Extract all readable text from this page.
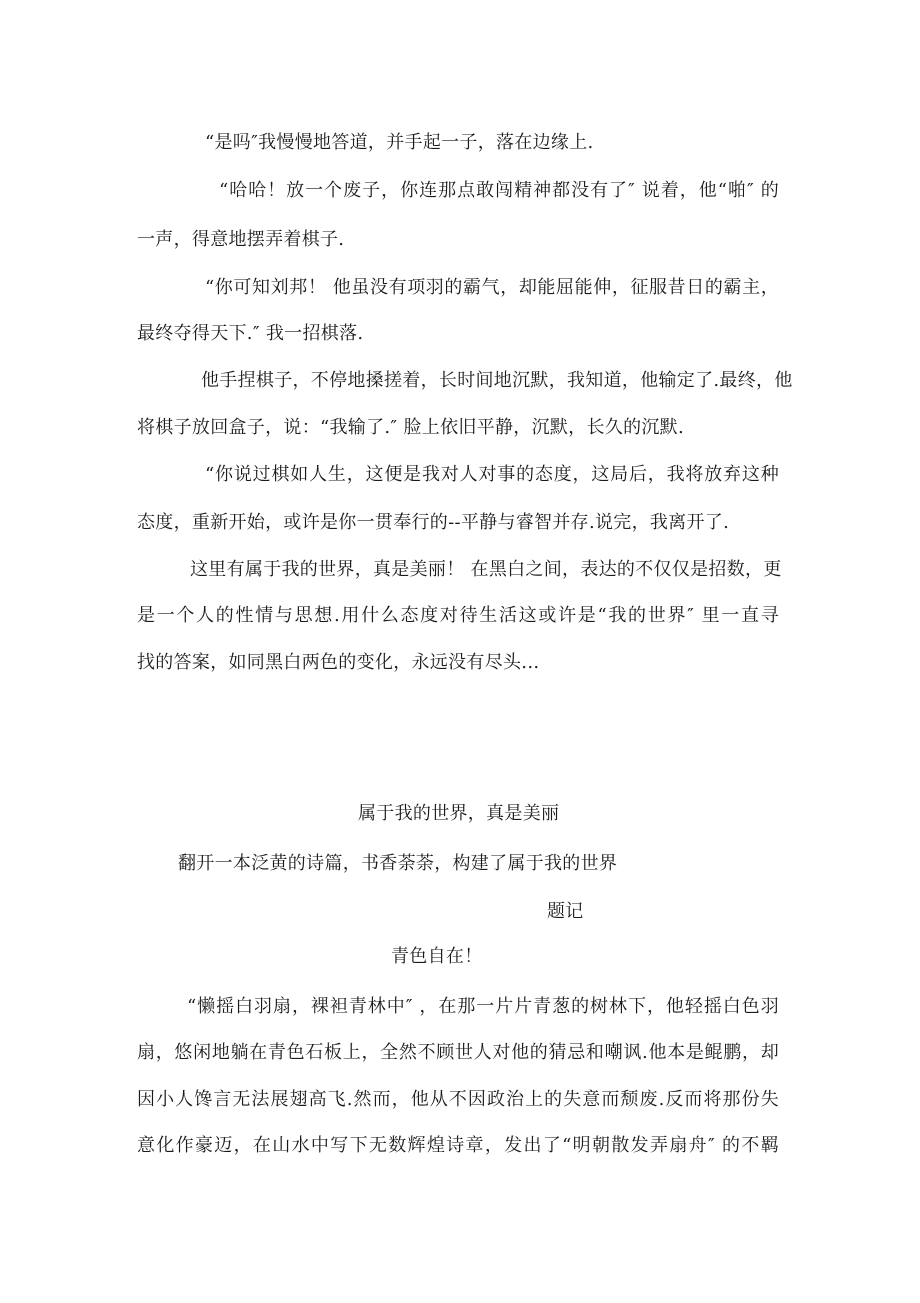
“是吗″我慢慢地答道，并手起一子，落在边缘上.
“哈哈！放一个废子，你连那点敢闯精神都没有了″ 说着，他“啪″ 的
一声，得意地摆弄着棋子.
“你可知刘邦！ 他虽没有项羽的霸气，却能屈能伸，征服昔日的霸主，
最终夺得天下.″ 我一招棋落.
他手捏棋子，不停地搡搓着，长时间地沉默，我知道，他输定了.最终，他
将棋子放回盒子，说：“我输了.″ 脸上依旧平静，沉默，长久的沉默.
“你说过棋如人生，这便是我对人对事的态度，这局后，我将放弃这种
态度，重新开始，或许是你一贯奉行的--平静与睿智并存.说完，我离开了.
这里有属于我的世界，真是美丽！ 在黑白之间，表达的不仅仅是招数，更
是一个人的性情与思想.用什么态度对待生活这或许是“我的世界″ 里一直寻
找的答案，如同黑白两色的变化，永远没有尽头...
属于我的世界，真是美丽
翻开一本泛黄的诗篇，书香荼荼，构建了属于我的世界
题记
青色自在！
“懒摇白羽扇，裸袒青林中″ ，在那一片片青葱的树林下，他轻摇白色羽
扇，悠闲地躺在青色石板上，全然不顾世人对他的猜忌和嘲讽.他本是鲲鹏，却
因小人馋言无法展翅高飞.然而，他从不因政治上的失意而颓废.反而将那份失
意化作豪迈，在山水中写下无数辉煌诗章，发出了“明朝散发弄扇舟″ 的不羁
